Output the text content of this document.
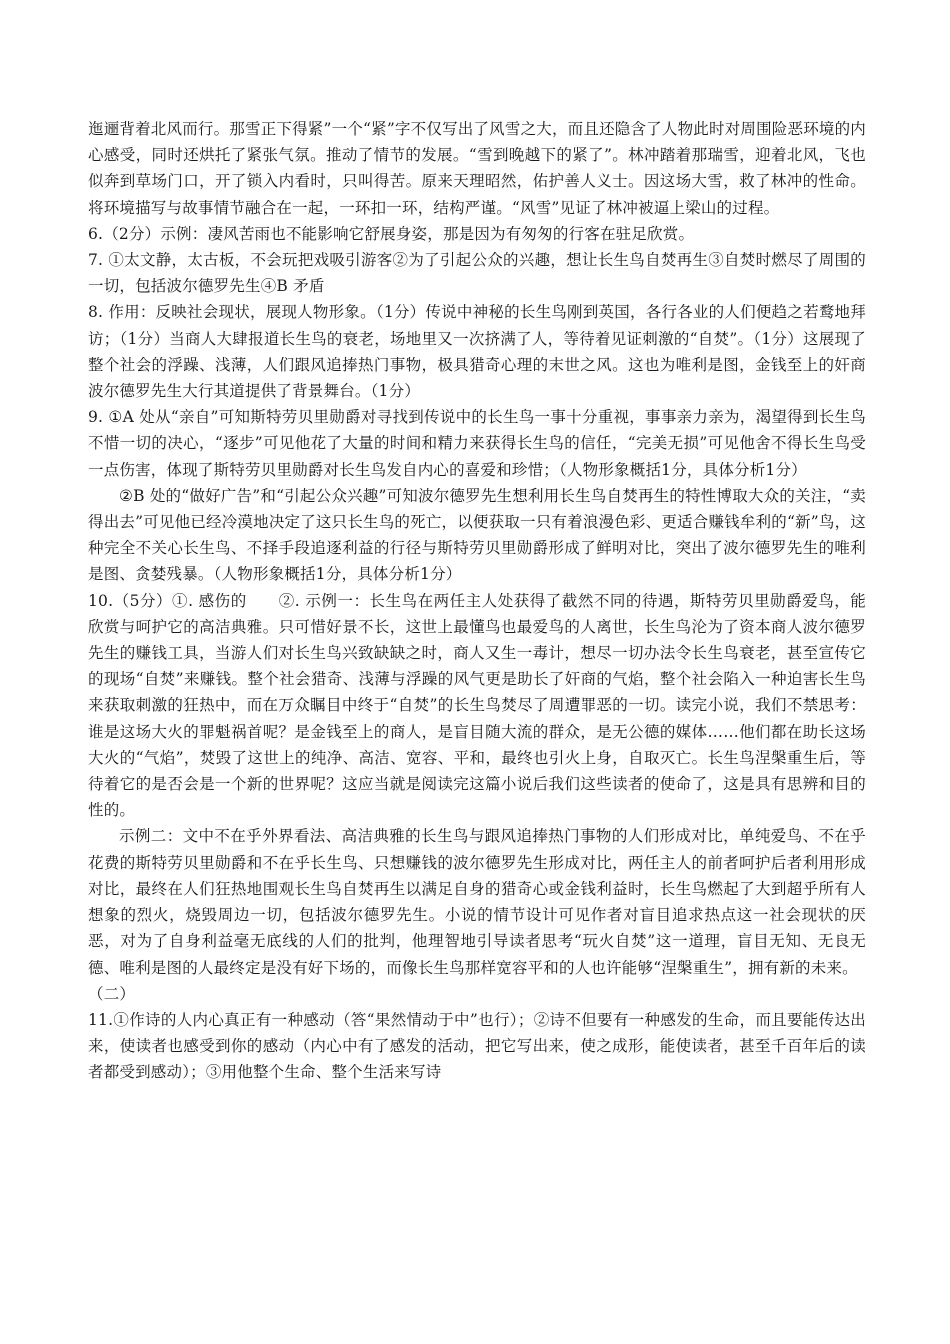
迤逦背着北风而行。那雪正下得紧”一个“紧”字不仅写出了风雪之大，而且还隐含了人物此时对周围险恶环境的内心感受，同时还烘托了紧张气氛。推动了情节的发展。“雪到晚越下的紧了”。林冲踏着那瑞雪，迎着北风，飞也似奔到草场门口，开了锁入内看时，只叫得苦。原来天理昭然，佑护善人义士。因这场大雪，救了林冲的性命。将环境描写与故事情节融合在一起，一环扣一环，结构严谨。“风雪”见证了林冲被逼上梁山的过程。

6.（2分）示例：凄风苦雨也不能影响它舒展身姿，那是因为有匆匆的行客在驻足欣赏。

7. ①太文静，太古板，不会玩把戏吸引游客②为了引起公众的兴趣，想让长生鸟自焚再生③自焚时燃尽了周围的一切，包括波尔德罗先生④B 矛盾

8. 作用：反映社会现状，展现人物形象。（1分）传说中神秘的长生鸟刚到英国，各行各业的人们便趋之若鹜地拜访；（1分）当商人大肆报道长生鸟的衰老，场地里又一次挤满了人，等待着见证刺激的“自焚”。（1分）这展现了整个社会的浮躁、浅薄，人们跟风追捧热门事物，极具猎奇心理的末世之风。这也为唯利是图，金钱至上的奸商波尔德罗先生大行其道提供了背景舞台。（1分）

9. ①A 处从“亲自”可知斯特劳贝里勋爵对寻找到传说中的长生鸟一事十分重视，事事亲力亲为，渴望得到长生鸟不惜一切的决心，“逐步”可见他花了大量的时间和精力来获得长生鸟的信任，“完美无损”可见他舍不得长生鸟受一点伤害，体现了斯特劳贝里勋爵对长生鸟发自内心的喜爱和珍惜；（人物形象概括1分，具体分析1分）

②B 处的“做好广告”和“引起公众兴趣”可知波尔德罗先生想利用长生鸟自焚再生的特性博取大众的关注，“卖得出去”可见他已经冷漠地决定了这只长生鸟的死亡，以便获取一只有着浪漫色彩、更适合赚钱牟利的“新”鸟，这种完全不关心长生鸟、不择手段追逐利益的行径与斯特劳贝里勋爵形成了鲜明对比，突出了波尔德罗先生的唯利是图、贪婪残暴。（人物形象概括1分，具体分析1分）

10.（5分）①. 感伤的　　②. 示例一：长生鸟在两任主人处获得了截然不同的待遇，斯特劳贝里勋爵爱鸟，能欣赏与呵护它的高洁典雅。只可惜好景不长，这世上最懂鸟也最爱鸟的人离世，长生鸟沦为了资本商人波尔德罗先生的赚钱工具，当游人们对长生鸟兴致缺缺之时，商人又生一毒计，想尽一切办法令长生鸟衰老，甚至宣传它的现场“自焚”来赚钱。整个社会猎奇、浅薄与浮躁的风气更是助长了奸商的气焰，整个社会陷入一种迫害长生鸟来获取刺激的狂热中，而在万众瞩目中终于“自焚”的长生鸟焚尽了周遭罪恶的一切。读完小说，我们不禁思考：谁是这场大火的罪魁祸首呢？是金钱至上的商人，是盲目随大流的群众，是无公德的媒体……他们都在助长这场大火的“气焰”，焚毁了这世上的纯净、高洁、宽容、平和，最终也引火上身，自取灭亡。长生鸟涅槃重生后，等待着它的是否会是一个新的世界呢？这应当就是阅读完这篇小说后我们这些读者的使命了，这是具有思辨和目的性的。

示例二：文中不在乎外界看法、高洁典雅的长生鸟与跟风追捧热门事物的人们形成对比，单纯爱鸟、不在乎花费的斯特劳贝里勋爵和不在乎长生鸟、只想赚钱的波尔德罗先生形成对比，两任主人的前者呵护后者利用形成对比，最终在人们狂热地围观长生鸟自焚再生以满足自身的猎奇心或金钱利益时，长生鸟燃起了大到超乎所有人想象的烈火，烧毁周边一切，包括波尔德罗先生。小说的情节设计可见作者对盲目追求热点这一社会现状的厌恶，对为了自身利益毫无底线的人们的批判，他理智地引导读者思考“玩火自焚”这一道理，盲目无知、无良无德、唯利是图的人最终定是没有好下场的，而像长生鸟那样宽容平和的人也许能够“涅槃重生”，拥有新的未来。

（二）

11.①作诗的人内心真正有一种感动（答“果然情动于中”也行）；②诗不但要有一种感发的生命，而且要能传达出来，使读者也感受到你的感动（内心中有了感发的活动，把它写出来，使之成形，能使读者，甚至千百年后的读者都受到感动）；③用他整个生命、整个生活来写诗
